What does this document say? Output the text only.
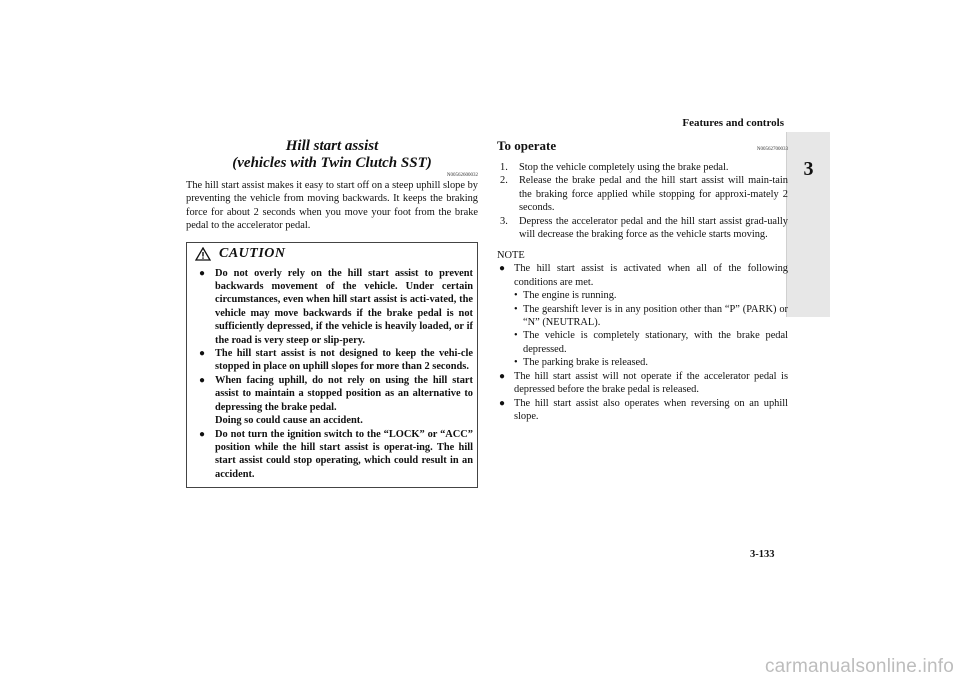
Features and controls
3
Hill start assist
(vehicles with Twin Clutch SST)
N00562600032

The hill start assist makes it easy to start off on a steep uphill slope by preventing the vehicle from moving backwards. It keeps the braking force for about 2 seconds when you move your foot from the brake pedal to the accelerator pedal.

CAUTION
● Do not overly rely on the hill start assist to prevent backwards movement of the vehicle. Under certain circumstances, even when hill start assist is acti-vated, the vehicle may move backwards if the brake pedal is not sufficiently depressed, if the vehicle is heavily loaded, or if the road is very steep or slip-pery.
● The hill start assist is not designed to keep the vehi-cle stopped in place on uphill slopes for more than 2 seconds.
● When facing uphill, do not rely on using the hill start assist to maintain a stopped position as an alternative to depressing the brake pedal.
Doing so could cause an accident.
● Do not turn the ignition switch to the “LOCK” or “ACC” position while the hill start assist is operat-ing. The hill start assist could stop operating, which could result in an accident.
To operate	N00562700033
1. Stop the vehicle completely using the brake pedal.
2. Release the brake pedal and the hill start assist will main-tain the braking force applied while stopping for approxi-mately 2 seconds.
3. Depress the accelerator pedal and the hill start assist grad-ually will decrease the braking force as the vehicle starts moving.
NOTE
● The hill start assist is activated when all of the following conditions are met.
• The engine is running.
• The gearshift lever is in any position other than “P” (PARK) or “N” (NEUTRAL).
• The vehicle is completely stationary, with the brake pedal depressed.
• The parking brake is released.
● The hill start assist will not operate if the accelerator pedal is depressed before the brake pedal is released.
● The hill start assist also operates when reversing on an uphill slope.
3-133
carmanualsonline.info
